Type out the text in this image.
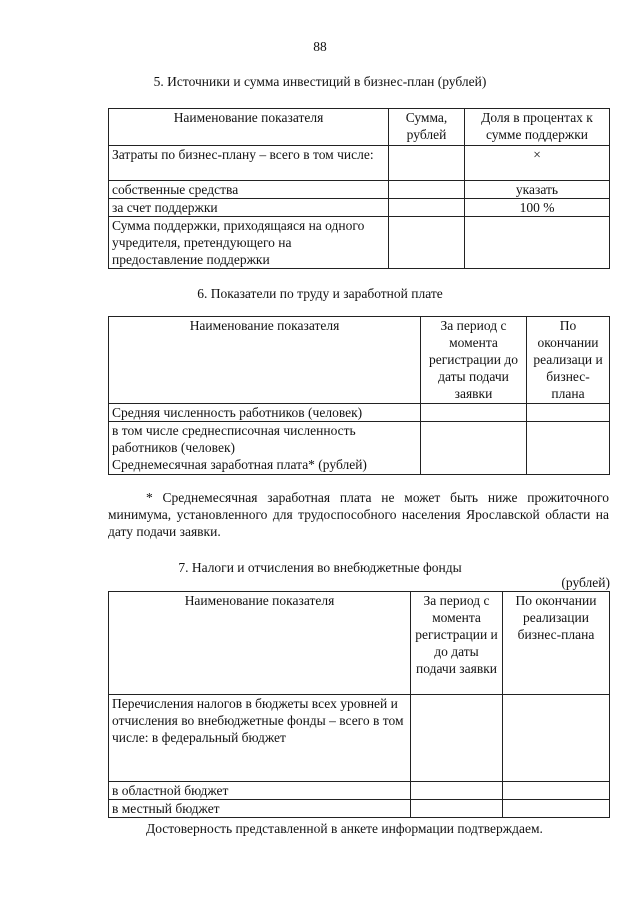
88
5. Источники и сумма инвестиций в бизнес-план (рублей)
Наименование показателя	Сумма, рублей	Доля в процентах к сумме поддержки
Затраты по бизнес-плану – всего в том числе:		×
собственные средства		указать
за счет поддержки		100 %
Сумма поддержки, приходящаяся на одного учредителя, претендующего на предоставление поддержки		
6. Показатели по труду и заработной плате
Наименование показателя	За период с момента регистрации до даты подачи заявки	По окончании реализаци и бизнес-плана
Средняя численность работников (человек)		

в том числе среднесписочная численность работников (человек)
Среднемесячная заработная плата* (рублей)		

* Среднемесячная заработная плата не может быть ниже прожиточного минимума, установленного для трудоспособного населения Ярославской области на дату подачи заявки.
7. Налоги и отчисления во внебюджетные фонды
(рублей)
Наименование показателя	За период с момента регистрации и до даты подачи заявки	По окончании реализации бизнес-плана
Перечисления налогов в бюджеты всех уровней и отчисления во внебюджетные фонды – всего в том числе: в федеральный бюджет		
в областной бюджет		
в местный бюджет		
Достоверность представленной в анкете информации подтверждаем.
